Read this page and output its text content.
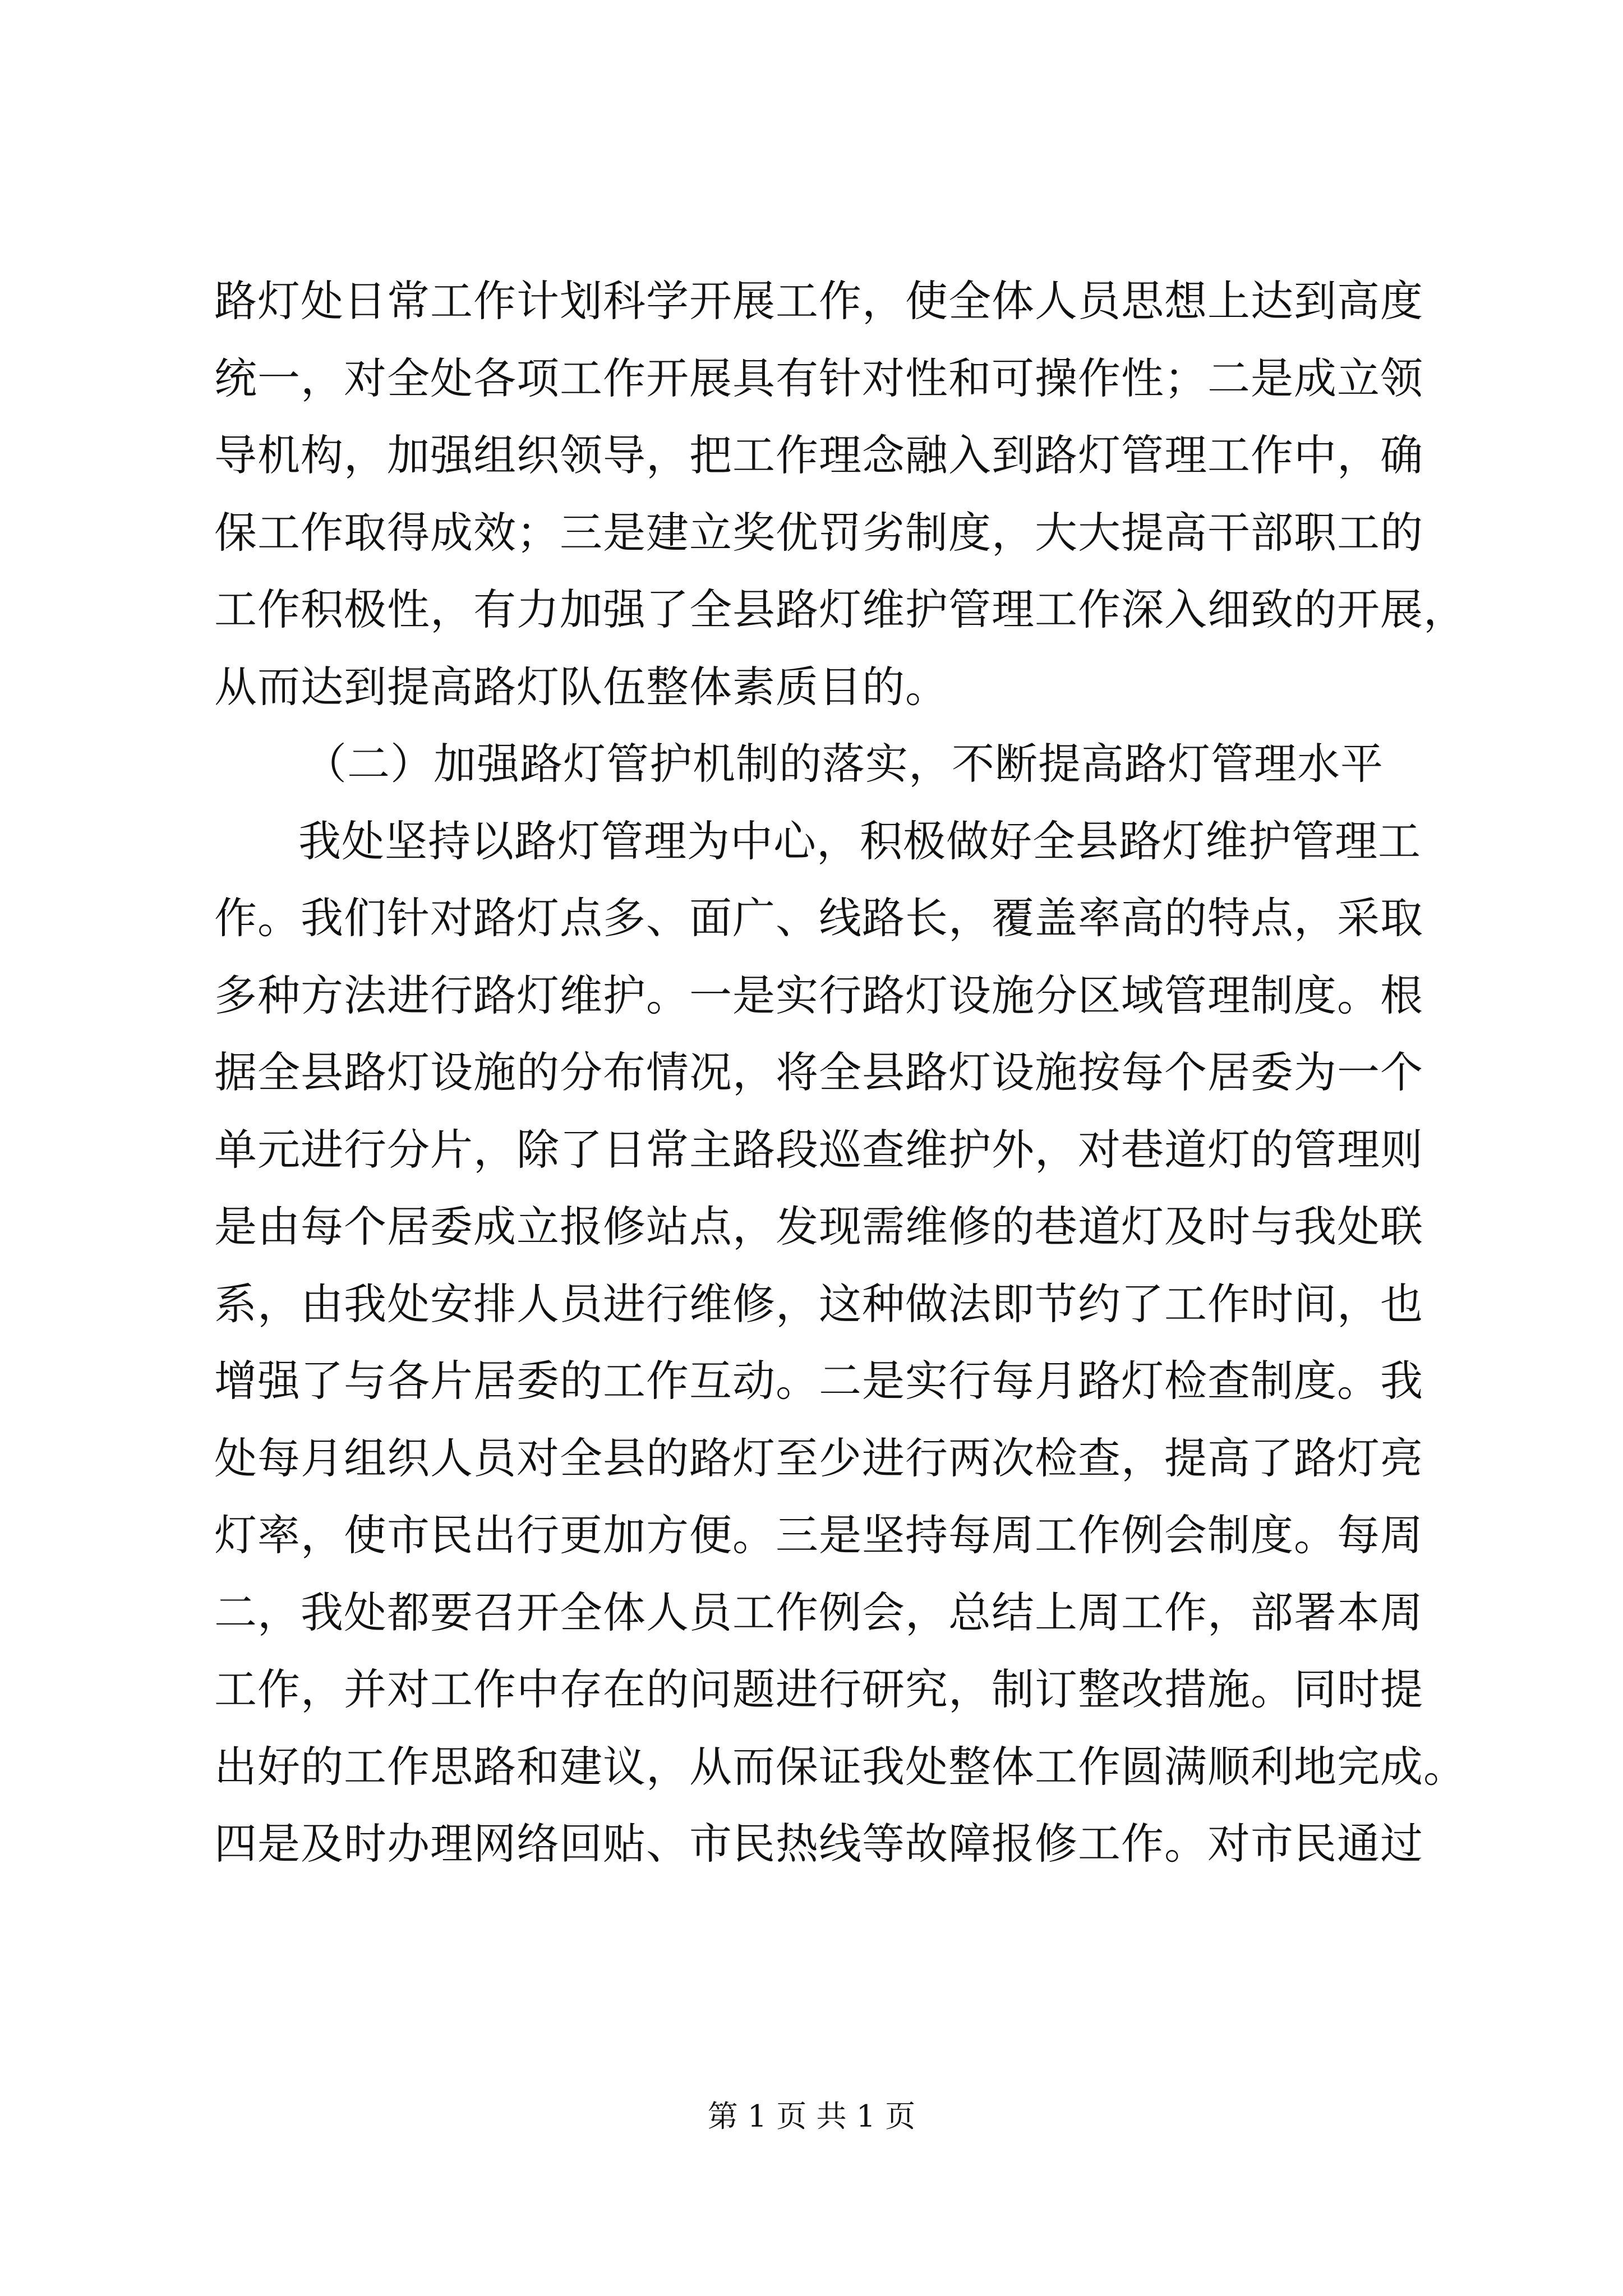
路灯处日常工作计划科学开展工作，使全体人员思想上达到高度
统一，对全处各项工作开展具有针对性和可操作性；二是成立领
导机构，加强组织领导，把工作理念融入到路灯管理工作中，确
保工作取得成效；三是建立奖优罚劣制度，大大提高干部职工的
工作积极性，有力加强了全县路灯维护管理工作深入细致的开展，
从而达到提高路灯队伍整体素质目的。
（二）加强路灯管护机制的落实，不断提高路灯管理水平
我处坚持以路灯管理为中心，积极做好全县路灯维护管理工
作。我们针对路灯点多、面广、线路长，覆盖率高的特点，采取
多种方法进行路灯维护。一是实行路灯设施分区域管理制度。根
据全县路灯设施的分布情况，将全县路灯设施按每个居委为一个
单元进行分片，除了日常主路段巡查维护外，对巷道灯的管理则
是由每个居委成立报修站点，发现需维修的巷道灯及时与我处联
系，由我处安排人员进行维修，这种做法即节约了工作时间，也
增强了与各片居委的工作互动。二是实行每月路灯检查制度。我
处每月组织人员对全县的路灯至少进行两次检查，提高了路灯亮
灯率，使市民出行更加方便。三是坚持每周工作例会制度。每周
二，我处都要召开全体人员工作例会，总结上周工作，部署本周
工作，并对工作中存在的问题进行研究，制订整改措施。同时提
出好的工作思路和建议，从而保证我处整体工作圆满顺利地完成。
四是及时办理网络回贴、市民热线等故障报修工作。对市民通过
第 1 页 共 1 页
